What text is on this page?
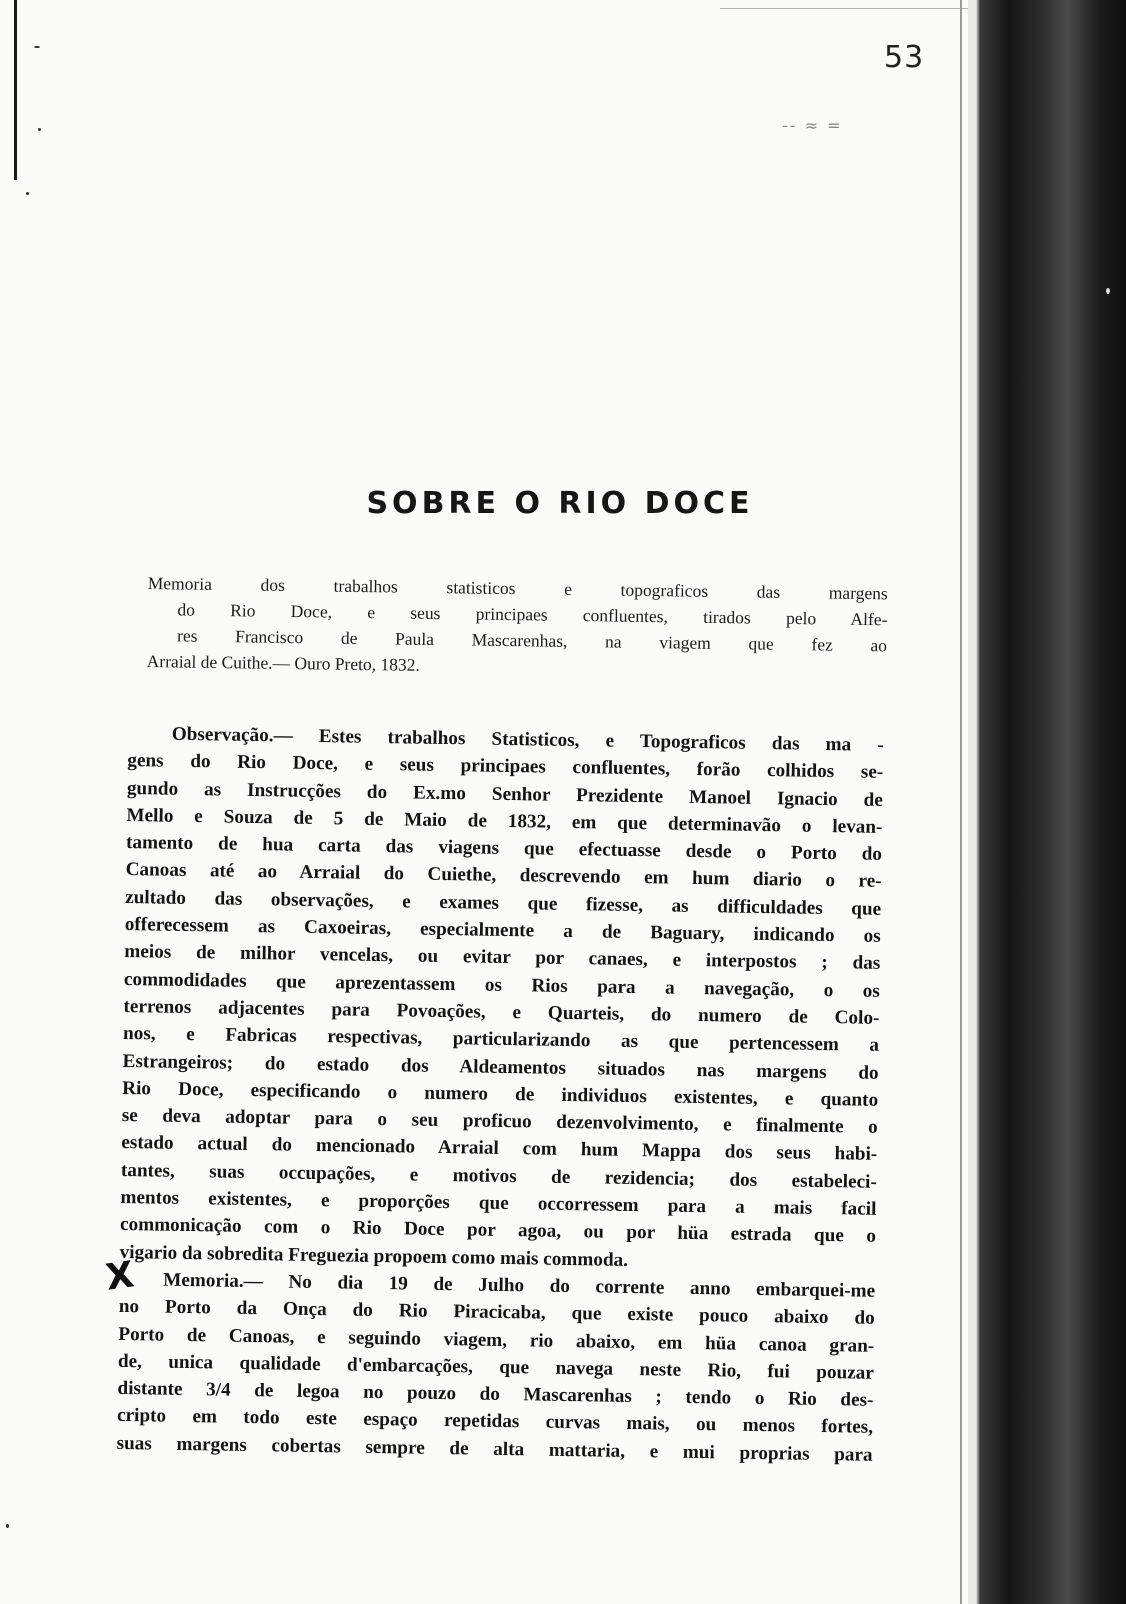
53
-- ≈ =
SOBRE O RIO DOCE
Memoria dos trabalhos statisticos e topograficos das margens
do Rio Doce, e seus principaes confluentes, tirados pelo Alfe-
res Francisco de Paula Mascarenhas, na viagem que fez ao
Arraial de Cuithe.— Ouro Preto, 1832.
Observação.— Estes trabalhos Statisticos, e Topograficos das ma -
gens do Rio Doce, e seus principaes confluentes, forão colhidos se-
gundo as Instrucções do Ex.mo Senhor Prezidente Manoel Ignacio de
Mello e Souza de 5 de Maio de 1832, em que determinavão o levan-
tamento de hua carta das viagens que efectuasse desde o Porto do
Canoas até ao Arraial do Cuiethe, descrevendo em hum diario o re-
zultado das observações, e exames que fizesse, as difficuldades que
offerecessem as Caxoeiras, especialmente a de Baguary, indicando os
meios de milhor vencelas, ou evitar por canaes, e interpostos ; das
commodidades que aprezentassem os Rios para a navegação, o os
terrenos adjacentes para Povoações, e Quarteis, do numero de Colo-
nos, e Fabricas respectivas, particularizando as que pertencessem a
Estrangeiros; do estado dos Aldeamentos situados nas margens do
Rio Doce, especificando o numero de individuos existentes, e quanto
se deva adoptar para o seu proficuo dezenvolvimento, e finalmente o
estado actual do mencionado Arraial com hum Mappa dos seus habi-
tantes, suas occupações, e motivos de rezidencia; dos estabeleci-
mentos existentes, e proporções que occorressem para a mais facil
commonicação com o Rio Doce por agoa, ou por hüa estrada que o
vigario da sobredita Freguezia propoem como mais commoda.
Memoria.— No dia 19 de Julho do corrente anno embarquei-me
no Porto da Onça do Rio Piracicaba, que existe pouco abaixo do
Porto de Canoas, e seguindo viagem, rio abaixo, em hüa canoa gran-
de, unica qualidade d'embarcações, que navega neste Rio, fui pouzar
distante 3/4 de legoa no pouzo do Mascarenhas ; tendo o Rio des-
cripto em todo este espaço repetidas curvas mais, ou menos fortes,
suas margens cobertas sempre de alta mattaria, e mui proprias para
X
